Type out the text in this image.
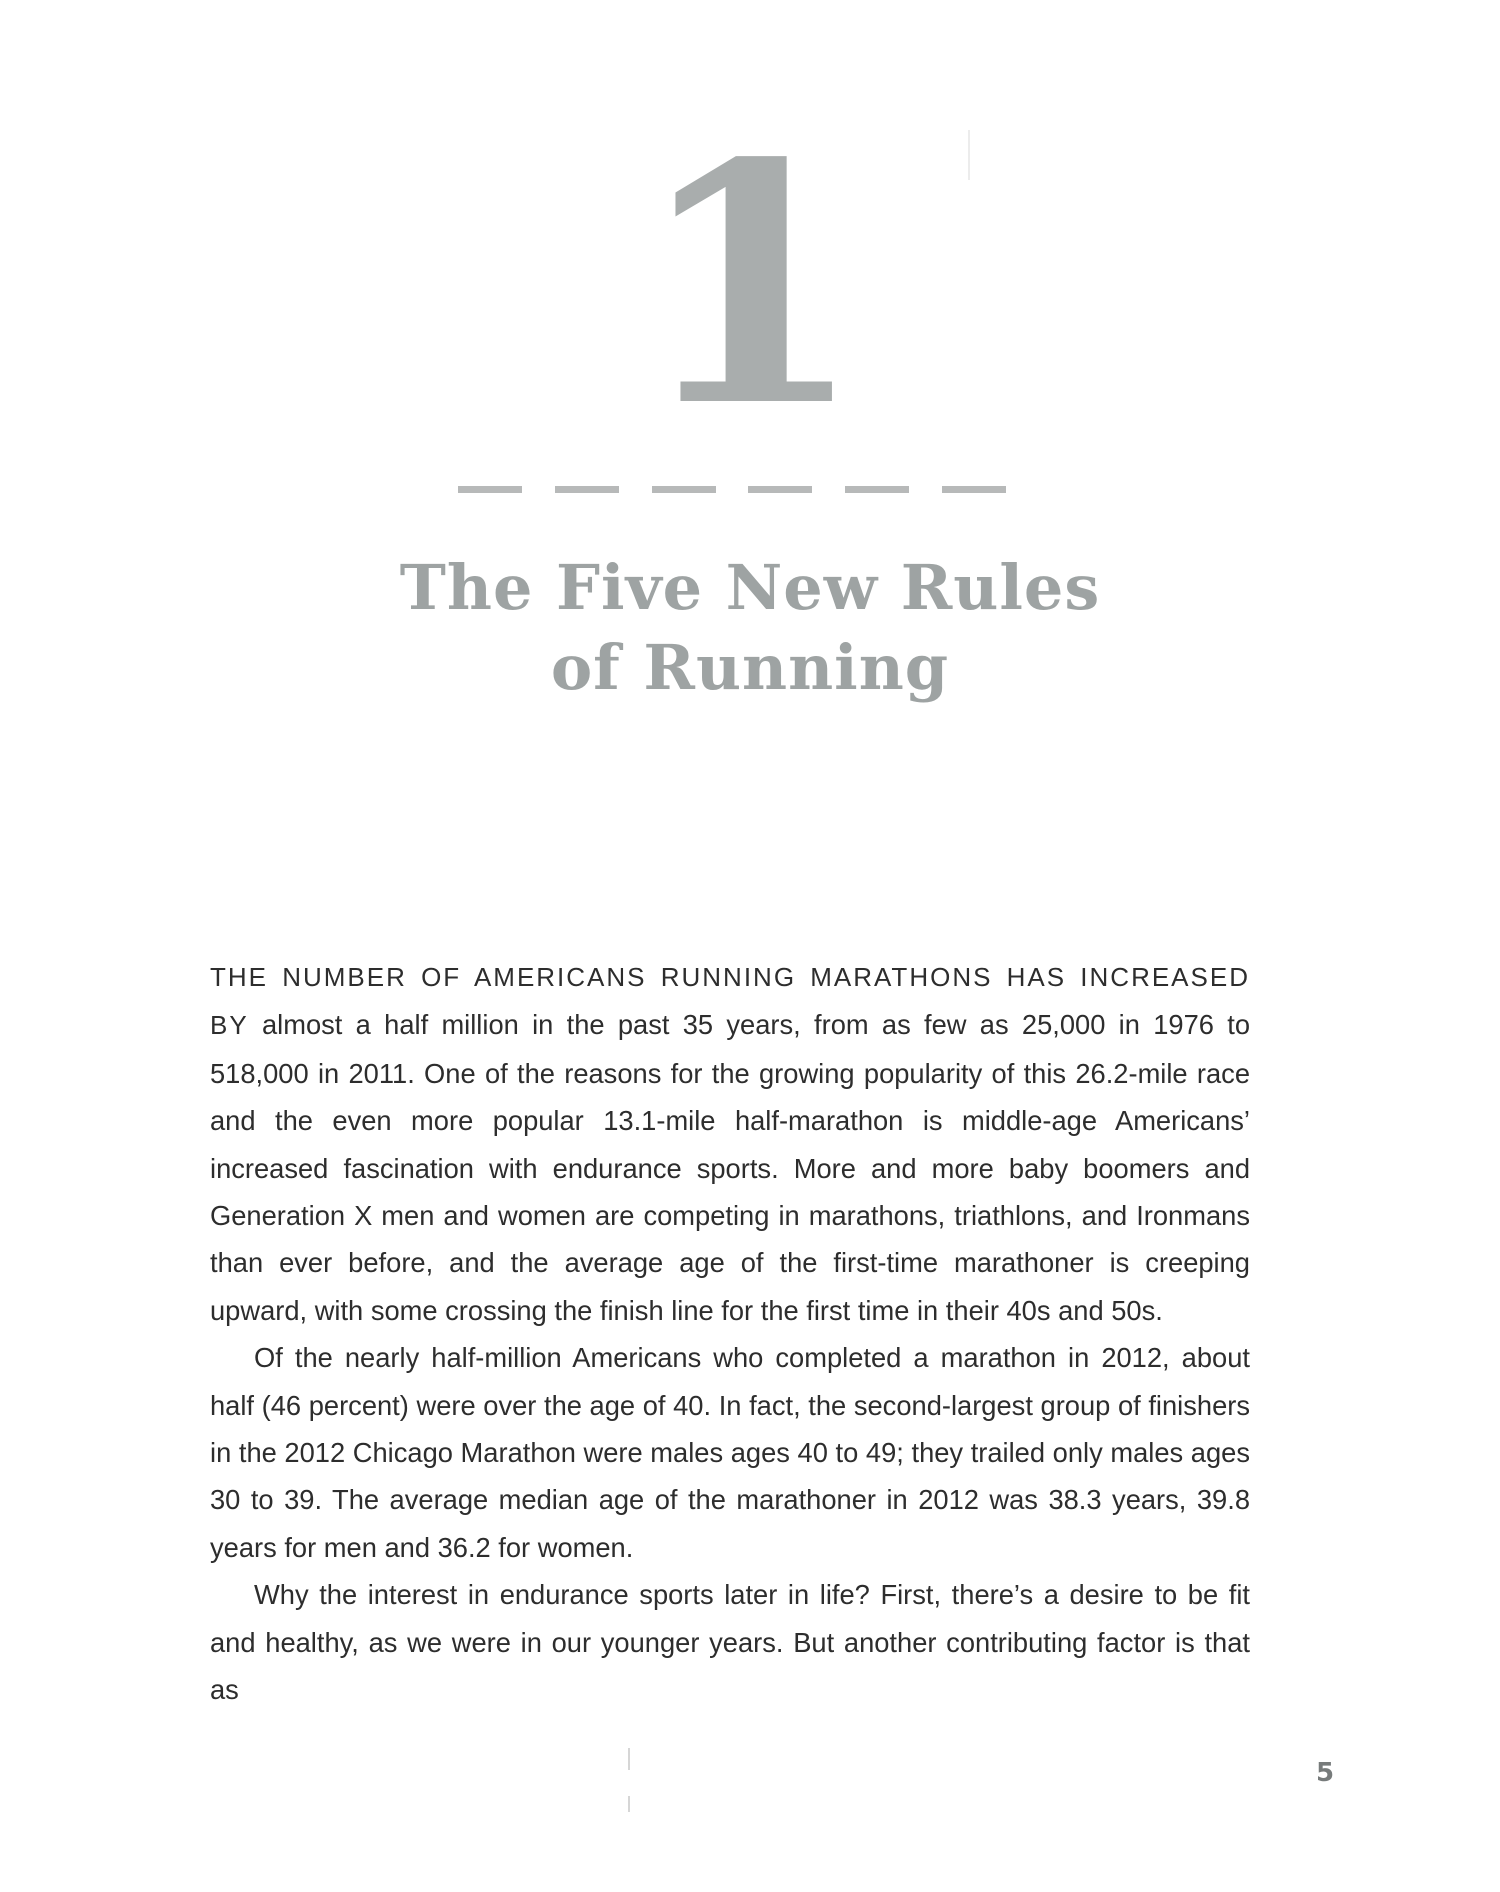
1
The Five New Rules
of Running

THE NUMBER OF AMERICANS RUNNING MARATHONS HAS INCREASED BY almost a half million in the past 35 years, from as few as 25,000 in 1976 to 518,000 in 2011. One of the reasons for the growing popularity of this 26.2-mile race and the even more popular 13.1-mile half-marathon is middle-age Americans’ increased fascination with endurance sports. More and more baby boomers and Generation X men and women are competing in marathons, triathlons, and Ironmans than ever before, and the average age of the first-time marathoner is creeping upward, with some crossing the finish line for the first time in their 40s and 50s.

Of the nearly half-million Americans who completed a marathon in 2012, about half (46 percent) were over the age of 40. In fact, the second-largest group of finishers in the 2012 Chicago Marathon were males ages 40 to 49; they trailed only males ages 30 to 39. The average median age of the marathoner in 2012 was 38.3 years, 39.8 years for men and 36.2 for women.

Why the interest in endurance sports later in life? First, there’s a desire to be fit and healthy, as we were in our younger years. But another contributing factor is that as

5
